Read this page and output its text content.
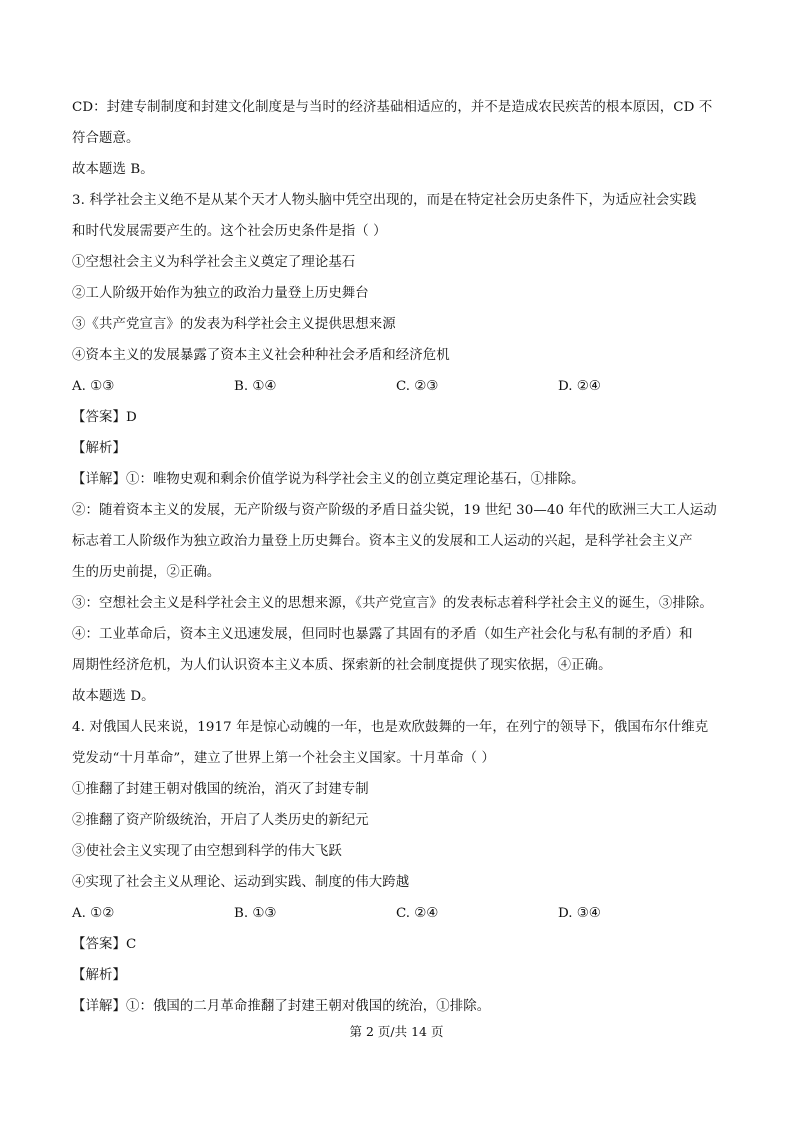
CD：封建专制制度和封建文化制度是与当时的经济基础相适应的，并不是造成农民疾苦的根本原因，CD 不
符合题意。
故本题选 B。
3. 科学社会主义绝不是从某个天才人物头脑中凭空出现的，而是在特定社会历史条件下，为适应社会实践
和时代发展需要产生的。这个社会历史条件是指（ ）
①空想社会主义为科学社会主义奠定了理论基石
②工人阶级开始作为独立的政治力量登上历史舞台
③《共产党宣言》的发表为科学社会主义提供思想来源
④资本主义的发展暴露了资本主义社会种种社会矛盾和经济危机
A. ①③	B. ①④	C. ②③	D. ②④
【答案】D
【解析】
【详解】①：唯物史观和剩余价值学说为科学社会主义的创立奠定理论基石，①排除。
②：随着资本主义的发展，无产阶级与资产阶级的矛盾日益尖锐，19 世纪 30—40 年代的欧洲三大工人运动
标志着工人阶级作为独立政治力量登上历史舞台。资本主义的发展和工人运动的兴起，是科学社会主义产
生的历史前提，②正确。
③：空想社会主义是科学社会主义的思想来源，《共产党宣言》的发表标志着科学社会主义的诞生，③排除。
④：工业革命后，资本主义迅速发展，但同时也暴露了其固有的矛盾（如生产社会化与私有制的矛盾）和
周期性经济危机，为人们认识资本主义本质、探索新的社会制度提供了现实依据，④正确。
故本题选 D。
4. 对俄国人民来说，1917 年是惊心动魄的一年，也是欢欣鼓舞的一年，在列宁的领导下，俄国布尔什维克
党发动“十月革命”，建立了世界上第一个社会主义国家。十月革命（ ）
①推翻了封建王朝对俄国的统治，消灭了封建专制
②推翻了资产阶级统治，开启了人类历史的新纪元
③使社会主义实现了由空想到科学的伟大飞跃
④实现了社会主义从理论、运动到实践、制度的伟大跨越
A. ①②	B. ①③	C. ②④	D. ③④
【答案】C
【解析】
【详解】①：俄国的二月革命推翻了封建王朝对俄国的统治，①排除。
第 2 页/共 14 页
